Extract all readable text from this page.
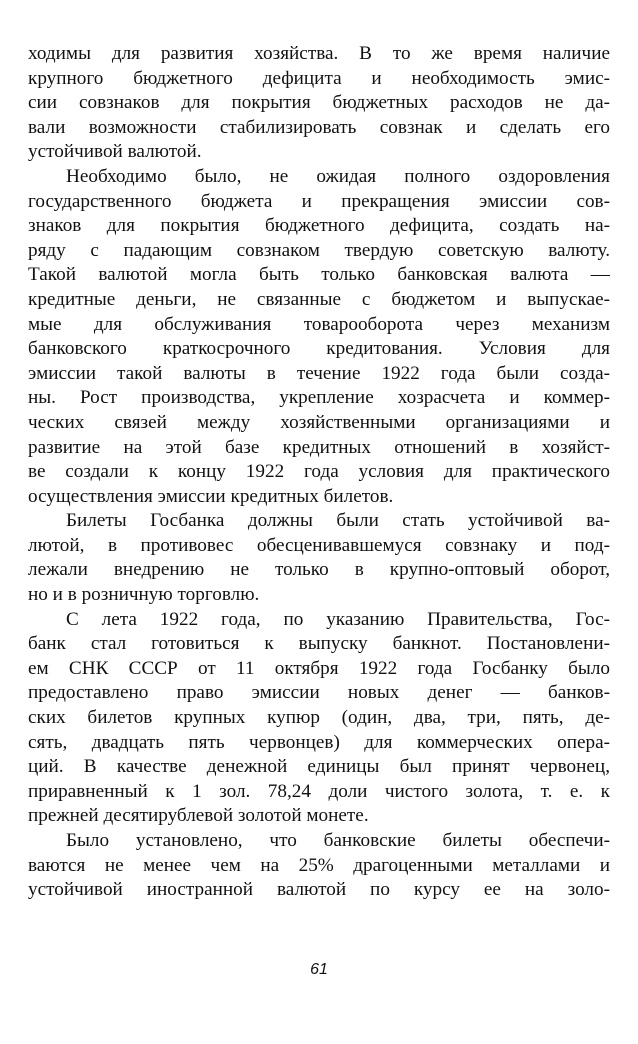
ходимы для развития хозяйства. В то же время наличие
крупного бюджетного дефицита и необходимость эмис-
сии совзнаков для покрытия бюджетных расходов не да-
вали возможности стабилизировать совзнак и сделать его
устойчивой валютой.
Необходимо было, не ожидая полного оздоровления
государственного бюджета и прекращения эмиссии сов-
знаков для покрытия бюджетного дефицита, создать на-
ряду с падающим совзнаком твердую советскую валюту.
Такой валютой могла быть только банковская валюта —
кредитные деньги, не связанные с бюджетом и выпускае-
мые для обслуживания товарооборота через механизм
банковского краткосрочного кредитования. Условия для
эмиссии такой валюты в течение 1922 года были созда-
ны. Рост производства, укрепление хозрасчета и коммер-
ческих связей между хозяйственными организациями и
развитие на этой базе кредитных отношений в хозяйст-
ве создали к концу 1922 года условия для практического
осуществления эмиссии кредитных билетов.
Билеты Госбанка должны были стать устойчивой ва-
лютой, в противовес обесценивавшемуся совзнаку и под-
лежали внедрению не только в крупно-оптовый оборот,
но и в розничную торговлю.
С лета 1922 года, по указанию Правительства, Гос-
банк стал готовиться к выпуску банкнот. Постановлени-
ем СНК СССР от 11 октября 1922 года Госбанку было
предоставлено право эмиссии новых денег — банков-
ских билетов крупных купюр (один, два, три, пять, де-
сять, двадцать пять червонцев) для коммерческих опера-
ций. В качестве денежной единицы был принят червонец,
приравненный к 1 зол. 78,24 доли чистого золота, т. е. к
прежней десятирублевой золотой монете.
Было установлено, что банковские билеты обеспечи-
ваются не менее чем на 25% драгоценными металлами и
устойчивой иностранной валютой по курсу ее на золо-
61
